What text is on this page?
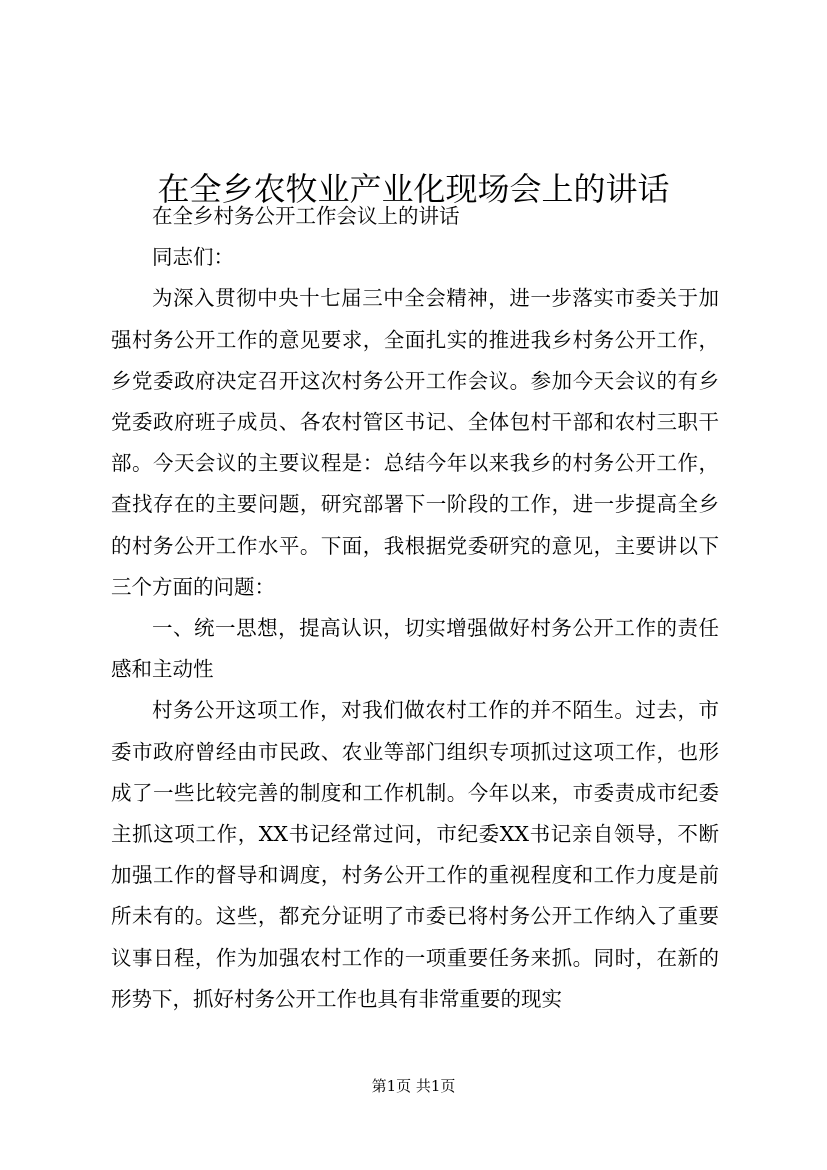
在全乡农牧业产业化现场会上的讲话

在全乡村务公开工作会议上的讲话

同志们：

为深入贯彻中央十七届三中全会精神，进一步落实市委关于加强村务公开工作的意见要求，全面扎实的推进我乡村务公开工作，乡党委政府决定召开这次村务公开工作会议。参加今天会议的有乡党委政府班子成员、各农村管区书记、全体包村干部和农村三职干部。今天会议的主要议程是：总结今年以来我乡的村务公开工作，查找存在的主要问题，研究部署下一阶段的工作，进一步提高全乡的村务公开工作水平。下面，我根据党委研究的意见，主要讲以下三个方面的问题：

一、统一思想，提高认识，切实增强做好村务公开工作的责任感和主动性

村务公开这项工作，对我们做农村工作的并不陌生。过去，市委市政府曾经由市民政、农业等部门组织专项抓过这项工作，也形成了一些比较完善的制度和工作机制。今年以来，市委责成市纪委主抓这项工作，XX书记经常过问，市纪委XX书记亲自领导，不断加强工作的督导和调度，村务公开工作的重视程度和工作力度是前所未有的。这些，都充分证明了市委已将村务公开工作纳入了重要议事日程，作为加强农村工作的一项重要任务来抓。同时，在新的形势下，抓好村务公开工作也具有非常重要的现实

第1页 共1页
